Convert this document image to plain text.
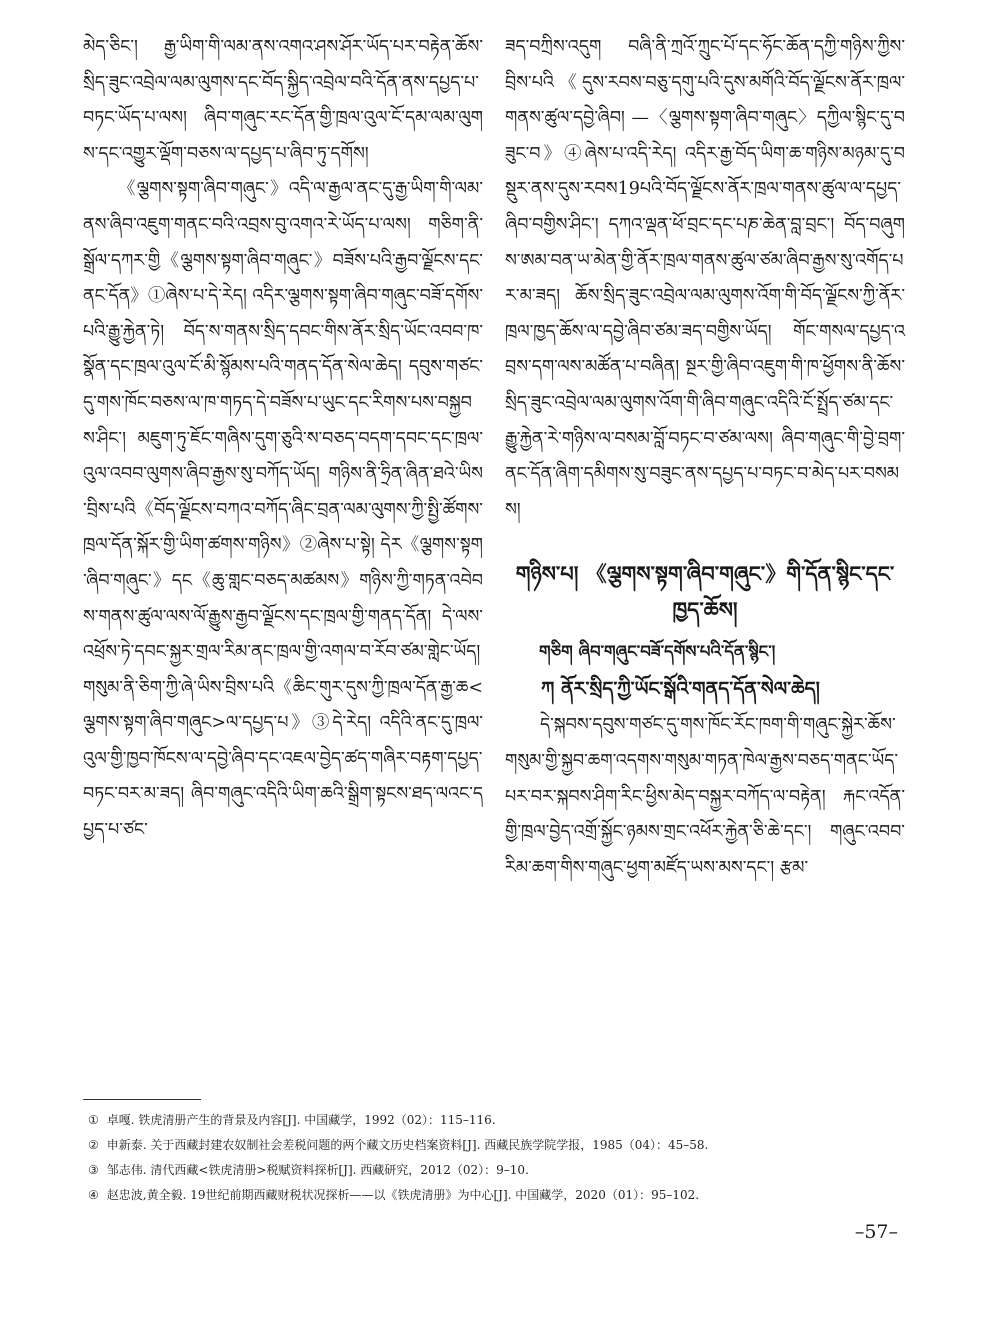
མེད་ཅིང་། རྒྱ་ཡིག་གི་ལམ་ནས་འགའ་ཤས་ཤོར་ཡོད་པར་བརྟེན་ཆོས་སྲིད་ཟུང་འབྲེལ་ལམ་ལུགས་དང་བོད་སྐྱིད་འབྲེལ་བའི་དོན་ནས་དཔྱད་པ་བཏང་ཡོད་པ་ལས། ཞིབ་གཞུང་རང་དོན་གྱི་ཁྲལ་འུལ་ངོ་དམ་ལམ་ལུགས་དང་འགྱུར་ལྡོག་བཅས་ལ་དཔྱད་པ་ཞིབ་ཏུ་དགོས།

《ལྕགས་སྟག་ཞིབ་གཞུང་》འདི་ལ་རྒྱལ་ནང་དུ་རྒྱ་ཡིག་གི་ལམ་ནས་ཞིབ་འཇུག་གནང་བའི་འབྲས་བུ་འགའ་རེ་ཡོད་པ་ལས། གཅིག་ནི་སྒྲོལ་དཀར་གྱི《ལྕགས་སྟག་ཞིབ་གཞུང་》བཟོས་པའི་རྒྱབ་ལྗོངས་དང་ནང་དོན》①ཞེས་པ་དེ་རེད། འདིར་ལྕགས་སྟག་ཞིབ་གཞུང་བཟོ་དགོས་པའི་རྒྱུ་རྐྱེན་ཏེ། བོད་ས་གནས་སྲིད་དབང་གིས་ནོར་སྲིད་ཡོང་འབབ་ཁ་སྣོན་དང་ཁྲལ་འུལ་ངོ་མི་སྙོམས་པའི་གནད་དོན་སེལ་ཆེད། དབུས་གཙང་དུ་གས་ཁོང་བཅས་ལ་ཁ་གཏད་དེ་བཟོས་པ་ཡུང་དང་རིགས་པས་བསྐྱབས་ཤིང་། མཇུག་ཏུ་ཇོང་གཞིས་དུག་ཅུའི་ས་བཅད་བདག་དབང་དང་ཁྲལ་འུལ་འབབ་ལུགས་ཞིབ་རྒྱས་སུ་བཀོད་ཡོད། གཉིས་ནི་ཧྲིན་ཞིན་ཐའེ་ཡིས་བྲིས་པའི《བོད་ལྗོངས་བཀའ་བཀོད་ཞིང་བྲན་ལམ་ལུགས་ཀྱི་སྤྱི་ཚོགས་ཁྲལ་དོན་སྐོར་གྱི་ཡིག་ཚགས་གཉིས》②ཞེས་པ་སྟེ། དེར《ལྕགས་སྟག་ཞིབ་གཞུང་》དང《ཆུ་གླང་བཅད་མཚམས》གཉིས་ཀྱི་གཏན་འབེབས་གནས་ཚུལ་ལས་ལོ་རྒྱུས་རྒྱབ་ལྗོངས་དང་ཁྲལ་གྱི་གནད་དོན། དེ་ལས་འཕྲོས་ཏེ་དབང་སྐྱར་གྲལ་རིམ་ནང་ཁྲལ་གྱི་འགལ་བ་རོབ་ཙམ་གླེང་ཡོད། གསུམ་ནི་ཅིག་ཀྱི་ཞེ་ཡིས་བྲིས་པའི《ཆིང་གུར་དུས་ཀྱི་ཁྲལ་དོན་རྒྱ་ཆ<ལྕགས་སྟག་ཞིབ་གཞུང>ལ་དཔྱད་པ》③དེ་རེད། འདིའི་ནང་དུ་ཁྲལ་འུལ་གྱི་ཁྱབ་ཁོངས་ལ་དབྱེ་ཞིབ་དང་འཇལ་བྱེད་ཚད་གཞིར་བརྟག་དཔྱད་བཏང་བར་མ་ཟད། ཞིབ་གཞུང་འདིའི་ཡིག་ཆའི་སྒྲིག་སྟངས་ཐད་ལའང་དཔྱད་པ་ཙང་

ཟད་བཀྲིས་འདུག བཞི་ནི་ཀྲའོ་ཀྲུང་པོ་དང་ཧོང་ཆོན་དཀྱི་གཉིས་ཀྱིས་བྲིས་པའི《དུས་རབས་བཅུ་དགུ་པའི་དུས་མགོའི་བོད་ལྗོངས་ནོར་ཁྲལ་གནས་ཚུལ་དབྱེ་ཞིབ། —〈ལྕགས་སྟག་ཞིབ་གཞུང〉དཀྱིལ་སྙིང་དུ་བཟུང་བ》④ཞེས་པ་འདི་རེད། འདིར་རྒྱ་བོད་ཡིག་ཆ་གཉིས་མཉམ་དུ་བསྡུར་ནས་དུས་རབས19པའི་བོད་ལྗོངས་ནོར་ཁྲལ་གནས་ཚུལ་ལ་དཔྱད་ཞིབ་བགྱིས་ཤིང་། དཀའ་ལྡན་ཕོ་བྲང་དང་པཎ་ཆེན་བླ་བྲང་། བོད་བཞུགས་ཨམ་བན་ཡ་མེན་གྱི་ནོར་ཁྲལ་གནས་ཚུལ་ཙམ་ཞིབ་རྒྱས་སུ་འགོད་པར་མ་ཟད། ཆོས་སྲིད་ཟུང་འབྲེལ་ལམ་ལུགས་འོག་གི་བོད་ལྗོངས་ཀྱི་ནོར་ཁྲལ་ཁྱད་ཆོས་ལ་དབྱེ་ཞིབ་ཙམ་ཟད་བགྱིས་ཡོད། གོང་གསལ་དཔྱད་འབྲས་དག་ལས་མཚོན་པ་བཞིན། སྔར་གྱི་ཞིབ་འཇུག་གི་ཁ་ཕྱོགས་ནི་ཆོས་སྲིད་ཟུང་འབྲེལ་ལམ་ལུགས་འོག་གི་ཞིབ་གཞུང་འདིའི་ངོ་སྤྲོད་ཙམ་དང་རྒྱུ་རྐྱེན་རེ་གཉིས་ལ་བསམ་བློ་བཏང་བ་ཙམ་ལས། ཞིབ་གཞུང་གི་བྱེ་བྲག་ནང་དོན་ཞིག་དམིགས་སུ་བཟུང་ནས་དཔྱད་པ་བཏང་བ་མེད་པར་བསམས།

གཉིས་པ། 《ལྕགས་སྟག་ཞིབ་གཞུང་》གི་དོན་སྙིང་དང་ཁྱད་ཆོས།
གཅིག ཞིབ་གཞུང་བཟོ་དགོས་པའི་དོན་སྙིང་།
ཀ ནོར་སྲིད་ཀྱི་ཡོང་སྒོའི་གནད་དོན་སེལ་ཆེད།

དེ་སྐབས་དབུས་གཙང་དུ་གས་ཁོང་རོང་ཁག་གི་གཞུང་སྐྱེར་ཆོས་གསུམ་གྱི་སྐྱབ་ཆག་འདགས་གསུམ་གཏན་ཁེལ་རྒྱས་བཅད་གནང་ཡོད་པར་བར་སྐབས་ཤིག་རིང་ཕྱིས་མེད་བསྐྱར་བཀོད་ལ་བརྟེན། རྐང་འདོན་གྱི་ཁྲལ་བྱེད་འགྲོ་སྐྱོང་ཉམས་གྲང་འཕོར་རྐྱེན་ཅི་ཆེ་དང་། གཞུང་འབབ་རིམ་ཆག་གིས་གཞུང་ཕྱག་མཛོད་ཡས་མས་དང་། རྩམ་

① 卓嘎. 铁虎清册产生的背景及内容[J]. 中国藏学，1992（02）：115–116.
② 申新泰. 关于西藏封建农奴制社会差税问题的两个藏文历史档案资料[J]. 西藏民族学院学报，1985（04）：45–58.
③ 邹志伟. 清代西藏<铁虎清册>税赋资料探析[J]. 西藏研究，2012（02）：9–10.
④ 赵忠波,黄全毅. 19世纪前期西藏财税状况探析——以《铁虎清册》为中心[J]. 中国藏学，2020（01）：95–102.
–57–
